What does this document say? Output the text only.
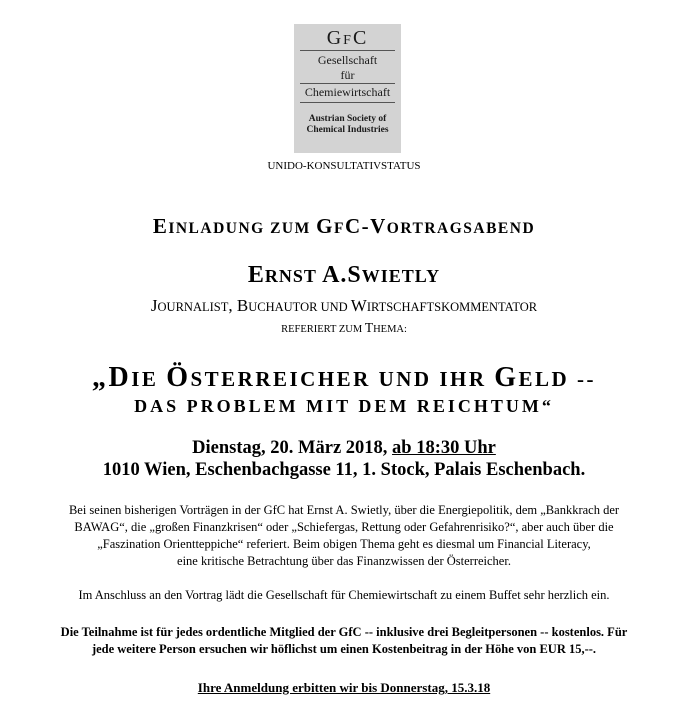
GFC
Gesellschaft
für
Chemiewirtschaft
Austrian Society of
Chemical Industries
UNIDO-KONSULTATIVSTATUS
EINLADUNG ZUM GFC-VORTRAGSABEND
ERNST A.SWIETLY
JOURNALIST, BUCHAUTOR UND WIRTSCHAFTSKOMMENTATOR
REFERIERT ZUM THEMA:
„DIE ÖSTERREICHER UND IHR GELD --
DAS PROBLEM MIT DEM REICHTUM“
Dienstag, 20. März 2018, ab 18:30 Uhr
1010 Wien, Eschenbachgasse 11, 1. Stock, Palais Eschenbach.
Bei seinen bisherigen Vorträgen in der GfC hat Ernst A. Swietly, über die Energiepolitik, dem „Bankkrach der
BAWAG“, die „großen Finanzkrisen“ oder „Schiefergas, Rettung oder Gefahrenrisiko?“, aber auch über die
„Faszination Orientteppiche“ referiert. Beim obigen Thema geht es diesmal um Financial Literacy,
eine kritische Betrachtung über das Finanzwissen der Österreicher.
Im Anschluss an den Vortrag lädt die Gesellschaft für Chemiewirtschaft zu einem Buffet sehr herzlich ein.
Die Teilnahme ist für jedes ordentliche Mitglied der GfC -- inklusive drei Begleitpersonen -- kostenlos. Für
jede weitere Person ersuchen wir höflichst um einen Kostenbeitrag in der Höhe von EUR 15,--.
Ihre Anmeldung erbitten wir bis Donnerstag, 15.3.18
